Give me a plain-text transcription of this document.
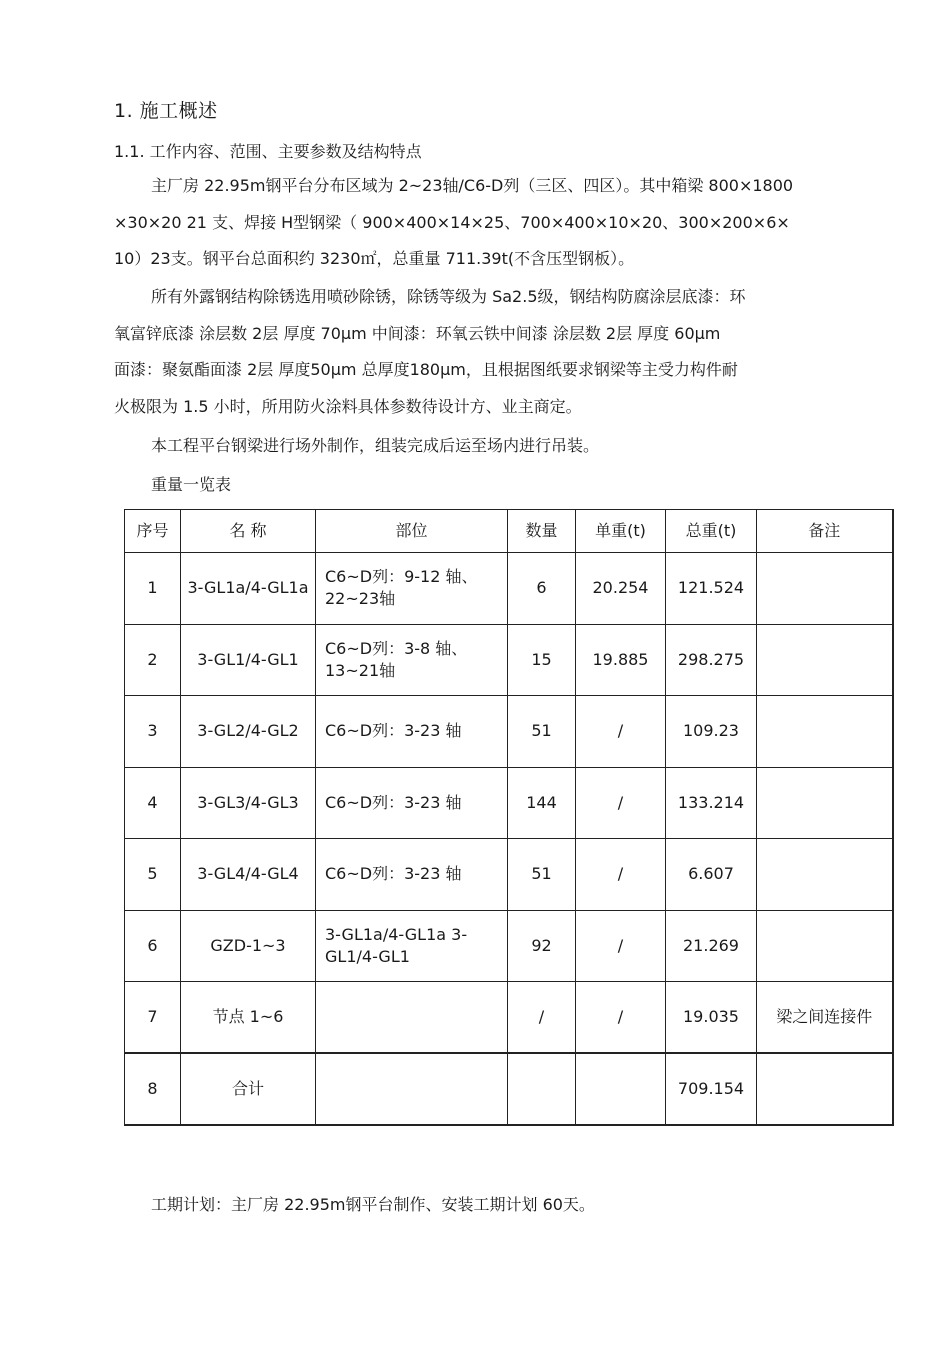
1. 施工概述
1.1. 工作内容、范围、主要参数及结构特点
主厂房 22.95m钢平台分布区域为 2~23轴/C6-D列（三区、四区）。其中箱梁 800×1800
×30×20 21 支、焊接 H型钢梁（ 900×400×14×25、700×400×10×20、300×200×6×
10）23支。钢平台总面积约 3230㎡，总重量 711.39t(不含压型钢板）。
所有外露钢结构除锈选用喷砂除锈，除锈等级为 Sa2.5级，钢结构防腐涂层底漆：环
氧富锌底漆 涂层数 2层 厚度 70μm 中间漆：环氧云铁中间漆 涂层数 2层 厚度 60μm
面漆：聚氨酯面漆 2层 厚度50μm 总厚度180μm，且根据图纸要求钢梁等主受力构件耐
火极限为 1.5 小时，所用防火涂料具体参数待设计方、业主商定。
本工程平台钢梁进行场外制作，组装完成后运至场内进行吊装。
重量一览表
序号	名 称	部位	数量	单重(t)	总重(t)	备注
1	3-GL1a/4-GL1a	C6~D列：9-12 轴、22~23轴	6	20.254	121.524	
2	3-GL1/4-GL1	C6~D列：3-8 轴、13~21轴	15	19.885	298.275	
3	3-GL2/4-GL2	C6~D列：3-23 轴	51	/	109.23	
4	3-GL3/4-GL3	C6~D列：3-23 轴	144	/	133.214	
5	3-GL4/4-GL4	C6~D列：3-23 轴	51	/	6.607	
6	GZD-1~3	3-GL1a/4-GL1a 3-GL1/4-GL1	92	/	21.269	
7	节点 1~6		/	/	19.035	梁之间连接件
8	合计				709.154	
工期计划：主厂房 22.95m钢平台制作、安装工期计划 60天。
